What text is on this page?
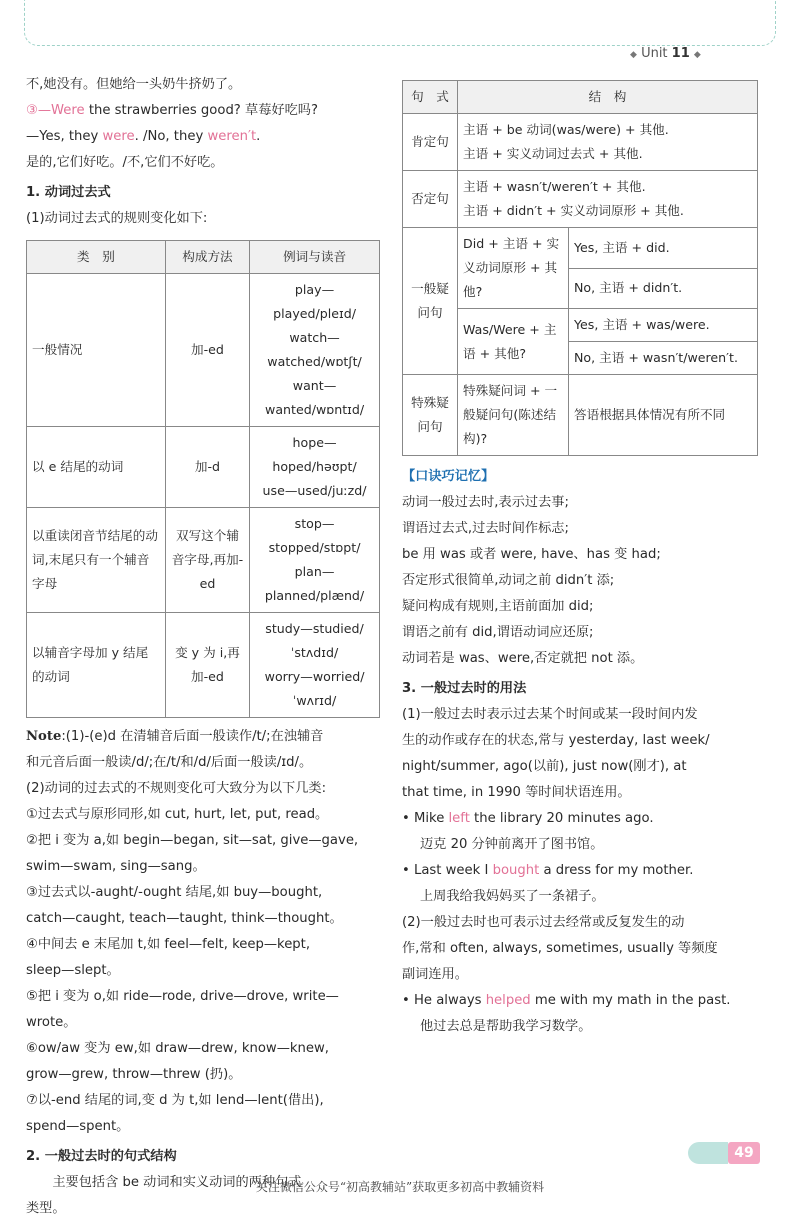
◆ Unit 11 ◆
不,她没有。但她给一头奶牛挤奶了。
③—Were the strawberries good? 草莓好吃吗?
—Yes, they were. /No, they weren′t.
是的,它们好吃。/不,它们不好吃。
1. 动词过去式
(1)动词过去式的规则变化如下:
类　别	构成方法	例词与读音
一般情况	加-ed	play—played/pleɪd/
watch—watched/wɒtʃt/
want—wanted/wɒntɪd/

以 e 结尾的动词	加-d	hope—hoped/həʊpt/
use—used/juːzd/

以重读闭音节结尾的动词,末尾只有一个辅音字母	双写这个辅音字母,再加-ed	stop—stopped/stɒpt/
plan—planned/plænd/

以辅音字母加 y 结尾的动词	变 y 为 i,再加-ed	study—studied/ˈstʌdɪd/
worry—worried/ˈwʌrɪd/
Note:(1)-(e)d 在清辅音后面一般读作/t/;在浊辅音
和元音后面一般读/d/;在/t/和/d/后面一般读/ɪd/。
(2)动词的过去式的不规则变化可大致分为以下几类:
①过去式与原形同形,如 cut, hurt, let, put, read。
②把 i 变为 a,如 begin—began, sit—sat, give—gave,
swim—swam, sing—sang。
③过去式以-aught/-ought 结尾,如 buy—bought,
catch—caught, teach—taught, think—thought。
④中间去 e 末尾加 t,如 feel—felt, keep—kept,
sleep—slept。
⑤把 i 变为 o,如 ride—rode, drive—drove, write—
wrote。
⑥ow/aw 变为 ew,如 draw—drew, know—knew,
grow—grew, throw—threw (扔)。
⑦以-end 结尾的词,变 d 为 t,如 lend—lent(借出),
spend—spent。
2. 一般过去时的句式结构
　　主要包括含 be 动词和实义动词的两种句式
类型。
句　式	结　构	
肯定句	主语 + be 动词(was/were) + 其他.
主语 + 实义动词过去式 + 其他.	

否定句	主语 + wasn′t/weren′t + 其他.
主语 + didn′t + 实义动词原形 + 其他.	

一般疑问句	Did + 主语 + 实义动词原形 + 其他?	Yes, 主语 + did.
		No, 主语 + didn′t.
	Was/Were + 主语 + 其他?	Yes, 主语 + was/were.
		No, 主语 + wasn′t/weren′t.
特殊疑问句	特殊疑问词 + 一般疑问句(陈述结构)?	答语根据具体情况有所不同
【口诀巧记忆】
动词一般过去时,表示过去事;
谓语过去式,过去时间作标志;
be 用 was 或者 were, have、has 变 had;
否定形式很简单,动词之前 didn′t 添;
疑问构成有规则,主语前面加 did;
谓语之前有 did,谓语动词应还原;
动词若是 was、were,否定就把 not 添。
3. 一般过去时的用法
(1)一般过去时表示过去某个时间或某一段时间内发
生的动作或存在的状态,常与 yesterday, last week/
night/summer, ago(以前), just now(刚才), at
that time, in 1990 等时间状语连用。
• Mike left the library 20 minutes ago.
迈克 20 分钟前离开了图书馆。
• Last week I bought a dress for my mother.
上周我给我妈妈买了一条裙子。
(2)一般过去时也可表示过去经常或反复发生的动
作,常和 often, always, sometimes, usually 等频度
副词连用。
• He always helped me with my math in the past.
他过去总是帮助我学习数学。
49
关注微信公众号“初高教辅站”获取更多初高中教辅资料
